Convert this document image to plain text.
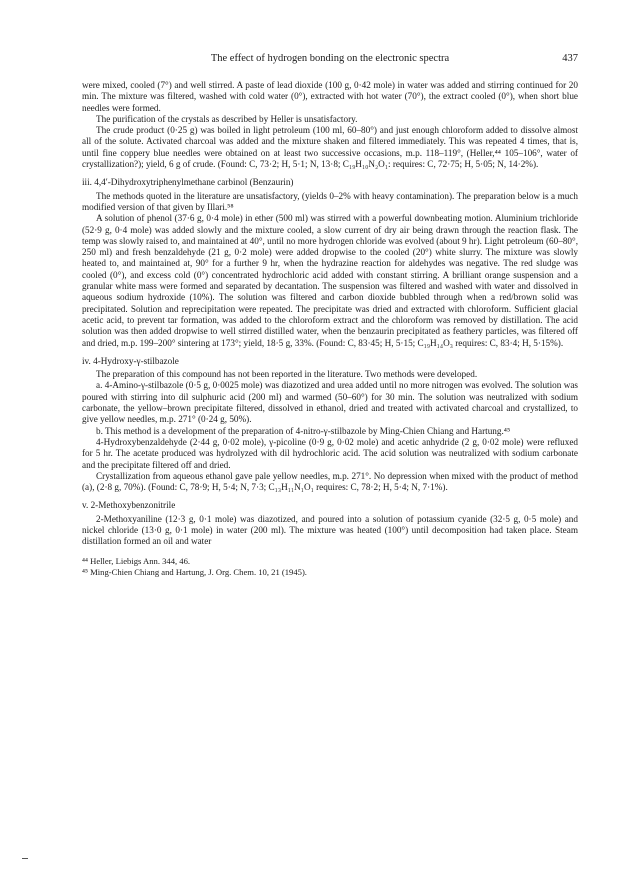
The effect of hydrogen bonding on the electronic spectra	437

were mixed, cooled (7°) and well stirred. A paste of lead dioxide (100 g, 0·42 mole) in water was added and stirring continued for 20 min. The mixture was filtered, washed with cold water (0°), extracted with hot water (70°), the extract cooled (0°), when short blue needles were formed.

The purification of the crystals as described by Heller is unsatisfactory.

The crude product (0·25 g) was boiled in light petroleum (100 ml, 60–80°) and just enough chloroform added to dissolve almost all of the solute. Activated charcoal was added and the mixture shaken and filtered immediately. This was repeated 4 times, that is, until fine coppery blue needles were obtained on at least two successive occasions, m.p. 118–119°, (Heller,⁴⁴ 105–106°, water of crystallization?); yield, 6 g of crude. (Found: C, 73·2; H, 5·1; N, 13·8; C₁₉H₁₀N₂O₁: requires: C, 72·75; H, 5·05; N, 14·2%).

iii. 4,4′-Dihydroxytriphenylmethane carbinol (Benzaurin)

The methods quoted in the literature are unsatisfactory, (yields 0–2% with heavy contamination). The preparation below is a much modified version of that given by Illari.⁵⁸

A solution of phenol (37·6 g, 0·4 mole) in ether (500 ml) was stirred with a powerful downbeating motion. Aluminium trichloride (52·9 g, 0·4 mole) was added slowly and the mixture cooled, a slow current of dry air being drawn through the reaction flask. The temp was slowly raised to, and maintained at 40°, until no more hydrogen chloride was evolved (about 9 hr). Light petroleum (60–80°, 250 ml) and fresh benzaldehyde (21 g, 0·2 mole) were added dropwise to the cooled (20°) white slurry. The mixture was slowly heated to, and maintained at, 90° for a further 9 hr, when the hydrazine reaction for aldehydes was negative. The red sludge was cooled (0°), and excess cold (0°) concentrated hydrochloric acid added with constant stirring. A brilliant orange suspension and a granular white mass were formed and separated by decantation. The suspension was filtered and washed with water and dissolved in aqueous sodium hydroxide (10%). The solution was filtered and carbon dioxide bubbled through when a red/brown solid was precipitated. Solution and reprecipitation were repeated. The precipitate was dried and extracted with chloroform. Sufficient glacial acetic acid, to prevent tar formation, was added to the chloroform extract and the chloroform was removed by distillation. The acid solution was then added dropwise to well stirred distilled water, when the benzaurin precipitated as feathery particles, was filtered off and dried, m.p. 199–200° sintering at 173°; yield, 18·5 g, 33%. (Found: C, 83·45; H, 5·15; C₁₉H₁₄O₃ requires: C, 83·4; H, 5·15%).

iv. 4-Hydroxy-γ-stilbazole

The preparation of this compound has not been reported in the literature. Two methods were developed.

a. 4-Amino-γ-stilbazole (0·5 g, 0·0025 mole) was diazotized and urea added until no more nitrogen was evolved. The solution was poured with stirring into dil sulphuric acid (200 ml) and warmed (50–60°) for 30 min. The solution was neutralized with sodium carbonate, the yellow–brown precipitate filtered, dissolved in ethanol, dried and treated with activated charcoal and crystallized, to give yellow needles, m.p. 271° (0·24 g, 50%).

b. This method is a development of the preparation of 4-nitro-γ-stilbazole by Ming-Chien Chiang and Hartung.⁴⁵

4-Hydroxybenzaldehyde (2·44 g, 0·02 mole), γ-picoline (0·9 g, 0·02 mole) and acetic anhydride (2 g, 0·02 mole) were refluxed for 5 hr. The acetate produced was hydrolyzed with dil hydrochloric acid. The acid solution was neutralized with sodium carbonate and the precipitate filtered off and dried.

Crystallization from aqueous ethanol gave pale yellow needles, m.p. 271°. No depression when mixed with the product of method (a), (2·8 g, 70%). (Found: C, 78·9; H, 5·4; N, 7·3; C₁₃H₁₁N₁O₁ requires: C, 78·2; H, 5·4; N, 7·1%).

v. 2-Methoxybenzonitrile

2-Methoxyaniline (12·3 g, 0·1 mole) was diazotized, and poured into a solution of potassium cyanide (32·5 g, 0·5 mole) and nickel chloride (13·0 g, 0·1 mole) in water (200 ml). The mixture was heated (100°) until decomposition had taken place. Steam distillation formed an oil and water

⁴⁴ Heller, Liebigs Ann. 344, 46.

⁴⁵ Ming-Chien Chiang and Hartung, J. Org. Chem. 10, 21 (1945).
